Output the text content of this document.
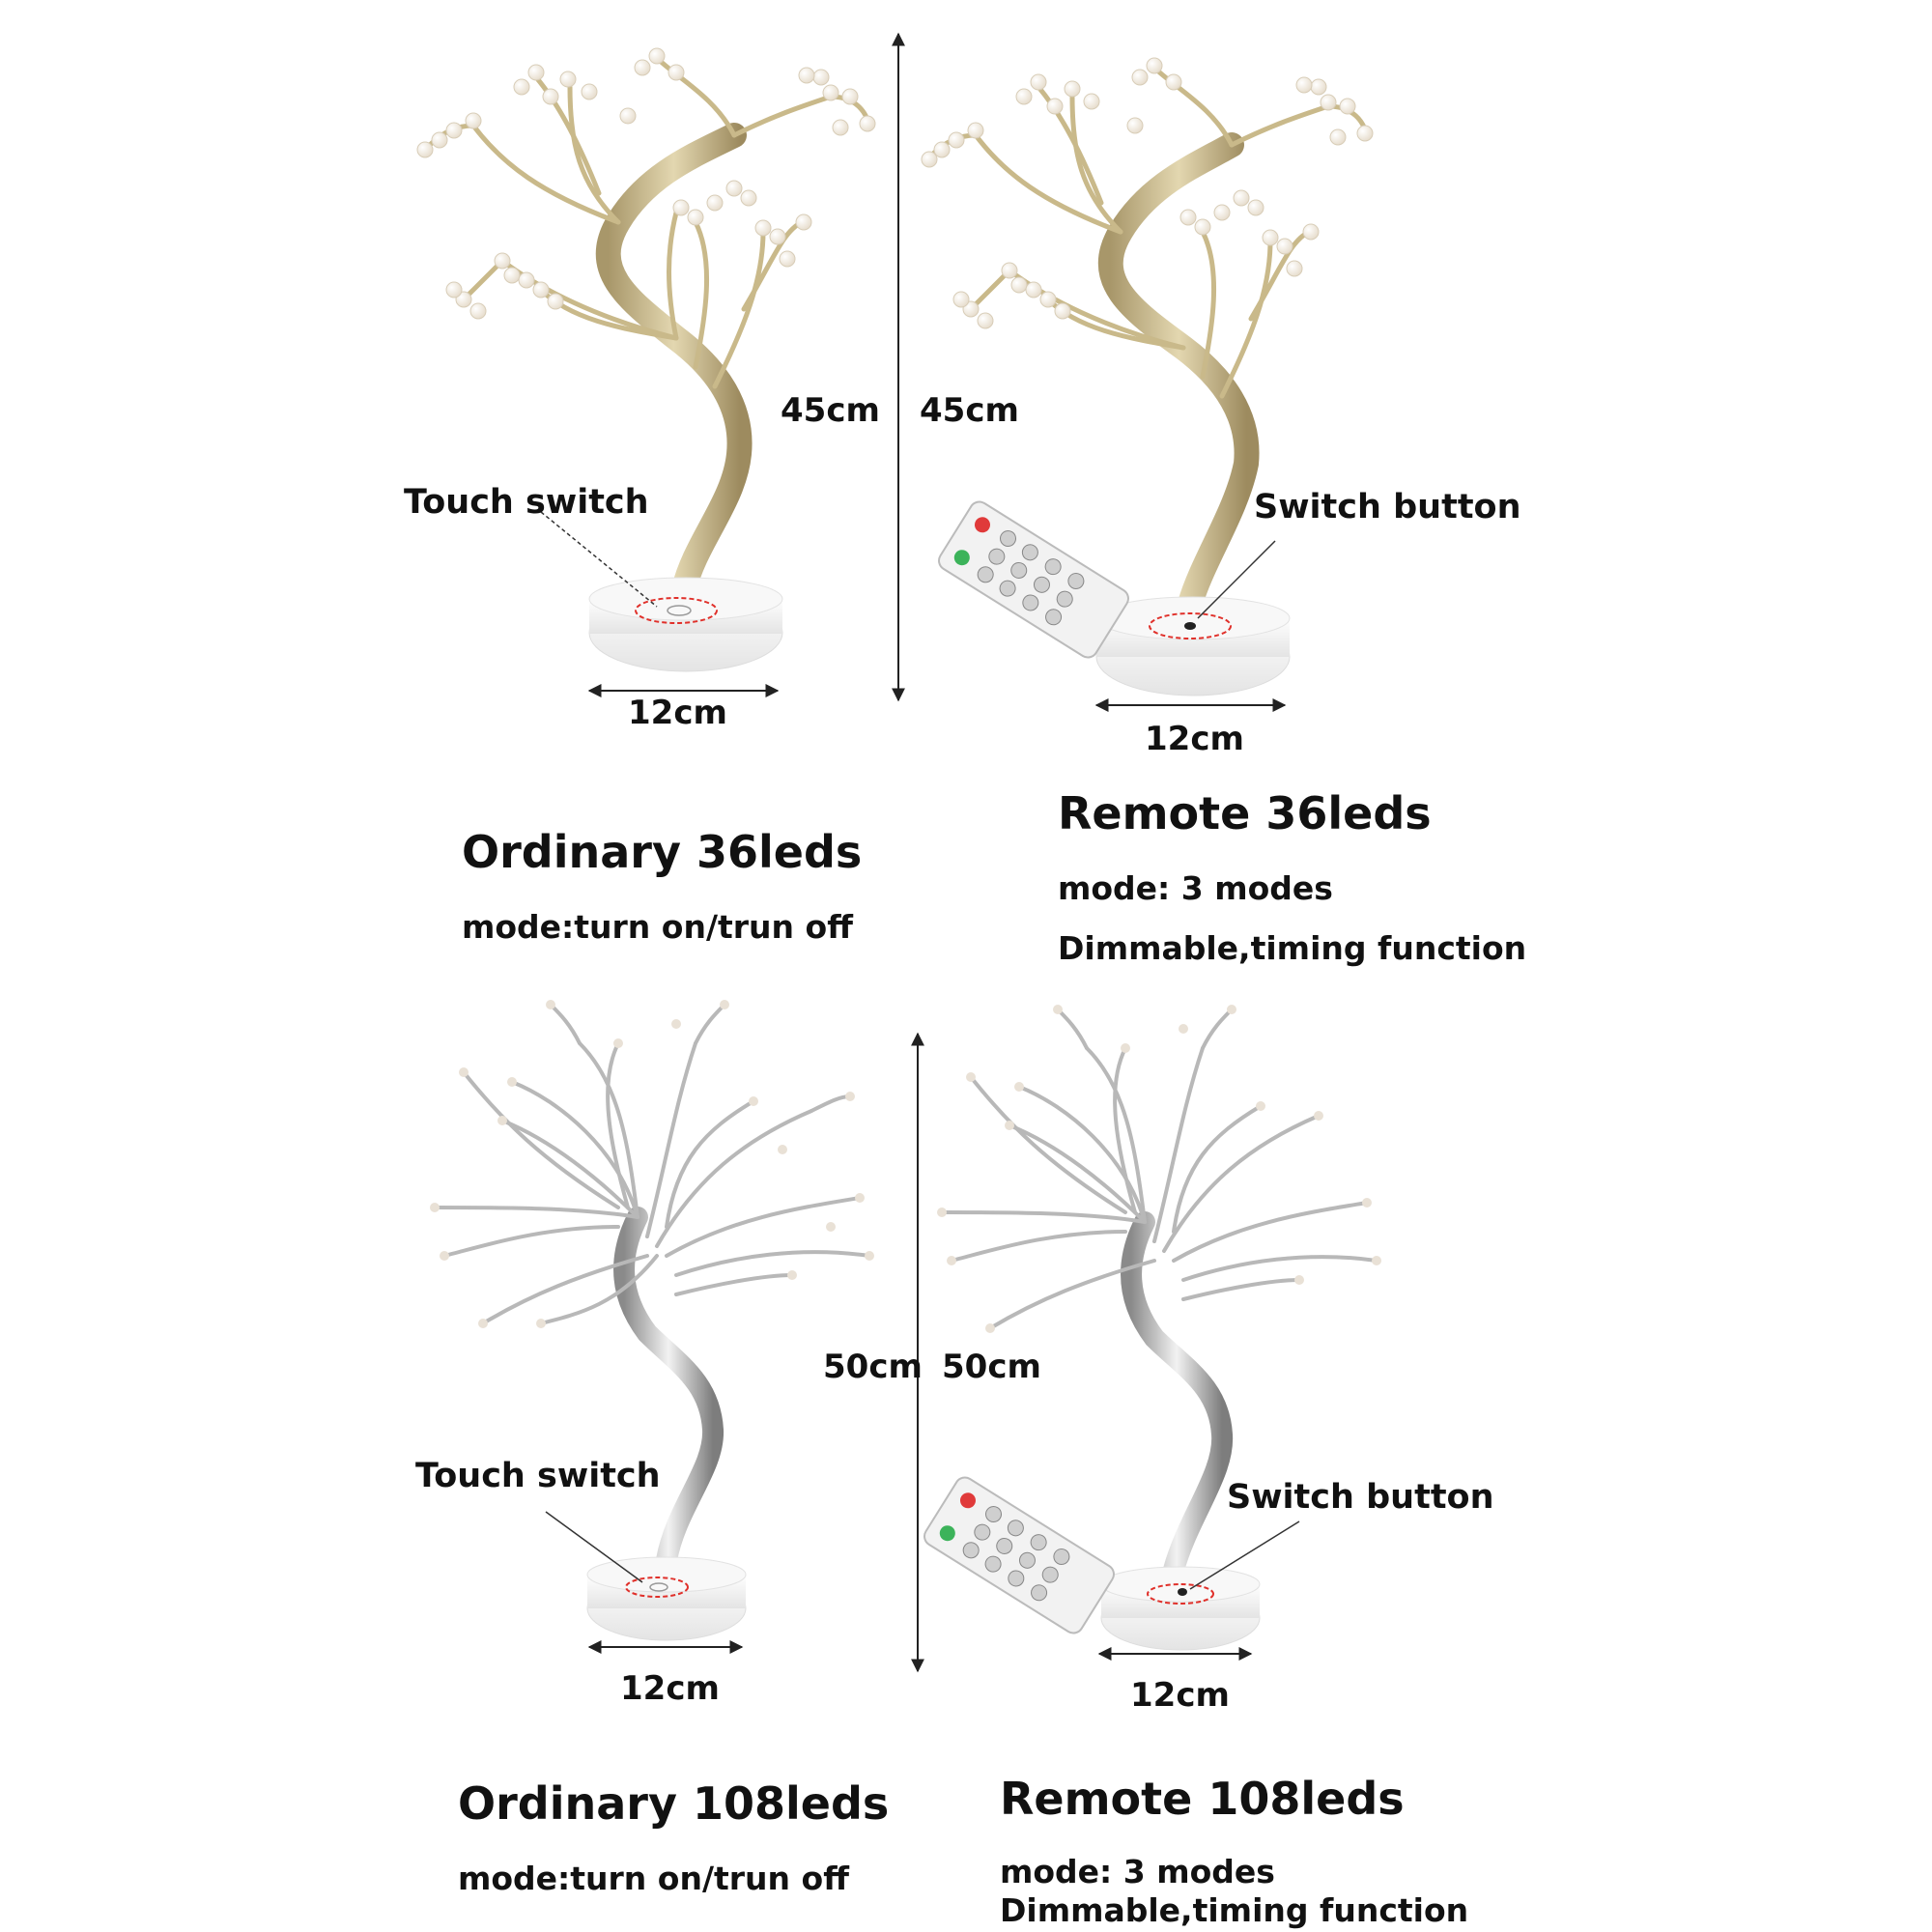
45cm
12cm
Touch switch
Ordinary 36leds
mode:turn on/trun off
45cm
12cm
Switch button
Remote 36leds
mode: 3 modes
Dimmable,timing function
50cm
12cm
Touch switch
Ordinary 108leds
mode:turn on/trun off
50cm
12cm
Switch button
Remote 108leds
mode: 3 modes
Dimmable,timing function
